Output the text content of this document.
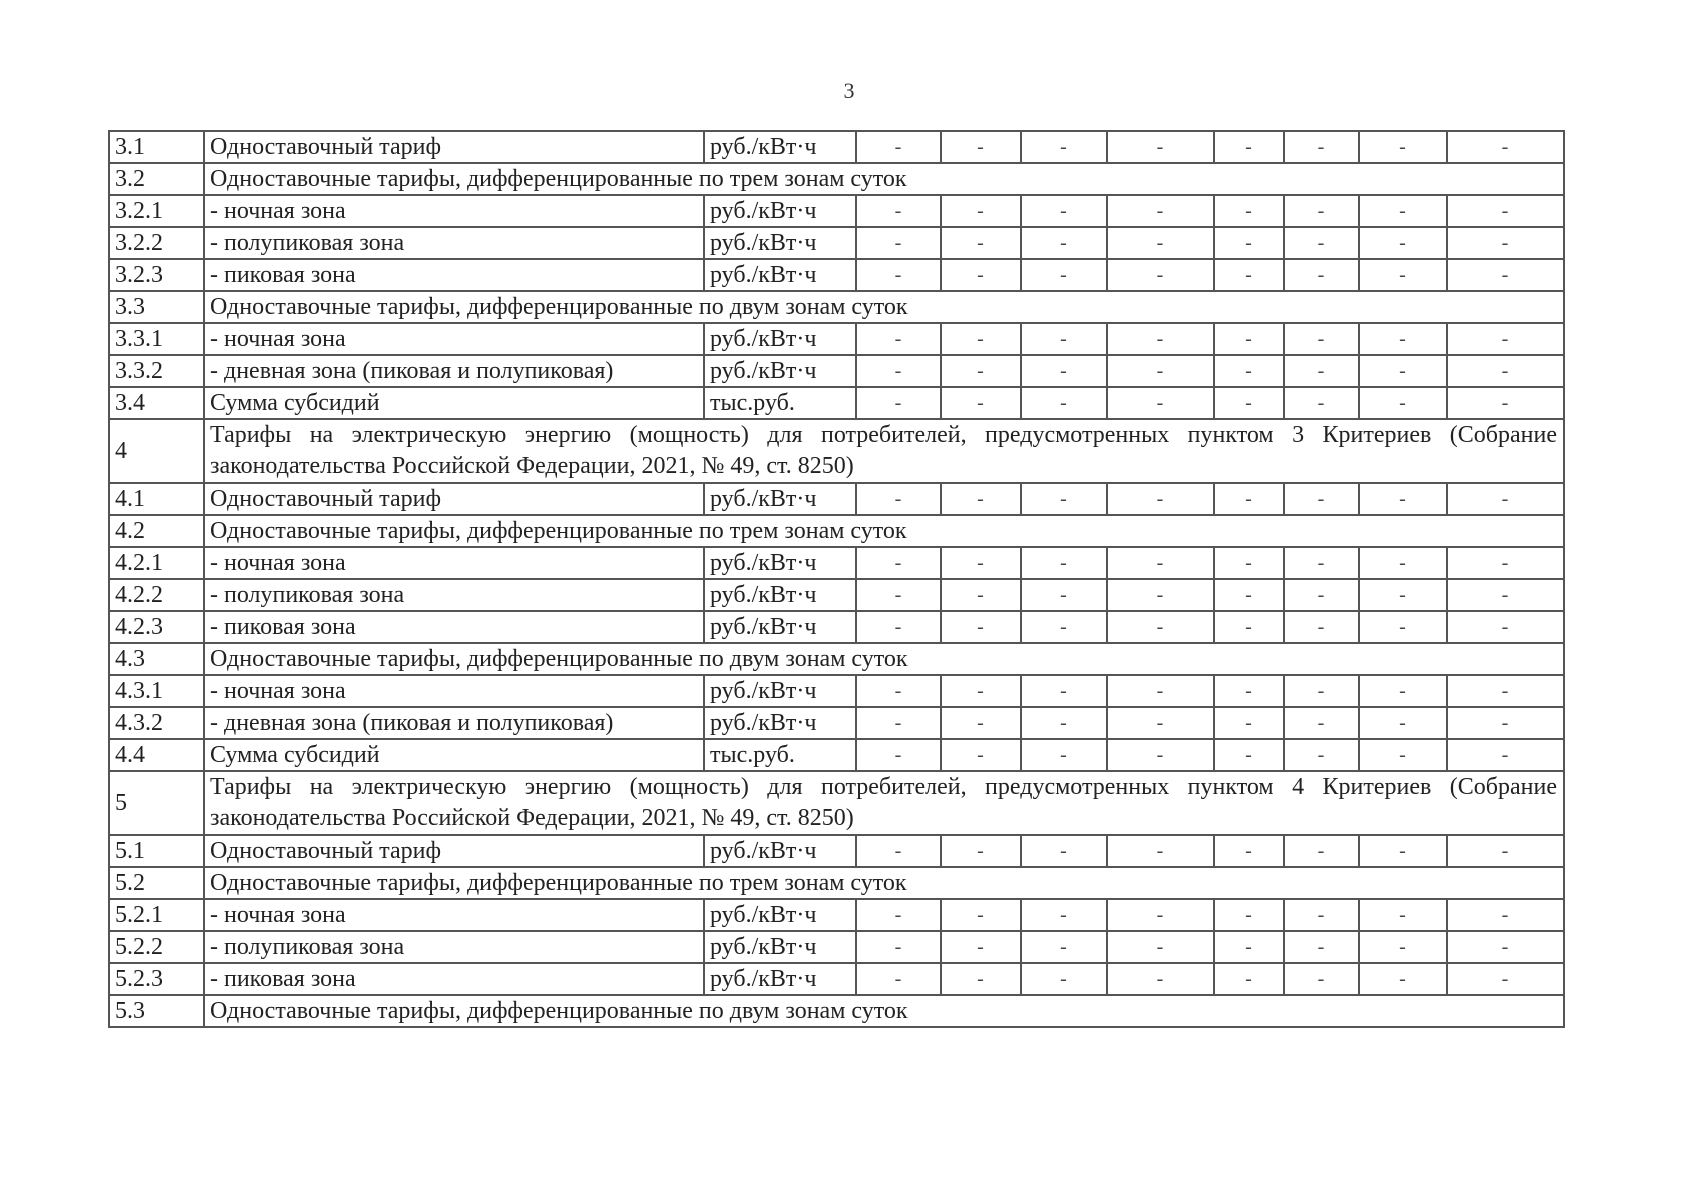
3
3.1	Одноставочный тариф	руб./кВт·ч	-	-	-	-	-	-	-	-
3.2	Одноставочные тарифы, дифференцированные по трем зонам суток									
3.2.1	- ночная зона	руб./кВт·ч	-	-	-	-	-	-	-	-
3.2.2	- полупиковая зона	руб./кВт·ч	-	-	-	-	-	-	-	-
3.2.3	- пиковая зона	руб./кВт·ч	-	-	-	-	-	-	-	-
3.3	Одноставочные тарифы, дифференцированные по двум зонам суток									
3.3.1	- ночная зона	руб./кВт·ч	-	-	-	-	-	-	-	-
3.3.2	- дневная зона (пиковая и полупиковая)	руб./кВт·ч	-	-	-	-	-	-	-	-
3.4	Сумма субсидий	тыс.руб.	-	-	-	-	-	-	-	-
4	Тарифы на электрическую энергию (мощность) для потребителей, предусмотренных пунктом 3 Критериев (Собрание законодательства Российской Федерации, 2021, № 49, ст. 8250)									
4.1	Одноставочный тариф	руб./кВт·ч	-	-	-	-	-	-	-	-
4.2	Одноставочные тарифы, дифференцированные по трем зонам суток									
4.2.1	- ночная зона	руб./кВт·ч	-	-	-	-	-	-	-	-
4.2.2	- полупиковая зона	руб./кВт·ч	-	-	-	-	-	-	-	-
4.2.3	- пиковая зона	руб./кВт·ч	-	-	-	-	-	-	-	-
4.3	Одноставочные тарифы, дифференцированные по двум зонам суток									
4.3.1	- ночная зона	руб./кВт·ч	-	-	-	-	-	-	-	-
4.3.2	- дневная зона (пиковая и полупиковая)	руб./кВт·ч	-	-	-	-	-	-	-	-
4.4	Сумма субсидий	тыс.руб.	-	-	-	-	-	-	-	-
5	Тарифы на электрическую энергию (мощность) для потребителей, предусмотренных пунктом 4 Критериев (Собрание законодательства Российской Федерации, 2021, № 49, ст. 8250)									
5.1	Одноставочный тариф	руб./кВт·ч	-	-	-	-	-	-	-	-
5.2	Одноставочные тарифы, дифференцированные по трем зонам суток									
5.2.1	- ночная зона	руб./кВт·ч	-	-	-	-	-	-	-	-
5.2.2	- полупиковая зона	руб./кВт·ч	-	-	-	-	-	-	-	-
5.2.3	- пиковая зона	руб./кВт·ч	-	-	-	-	-	-	-	-
5.3	Одноставочные тарифы, дифференцированные по двум зонам суток									
